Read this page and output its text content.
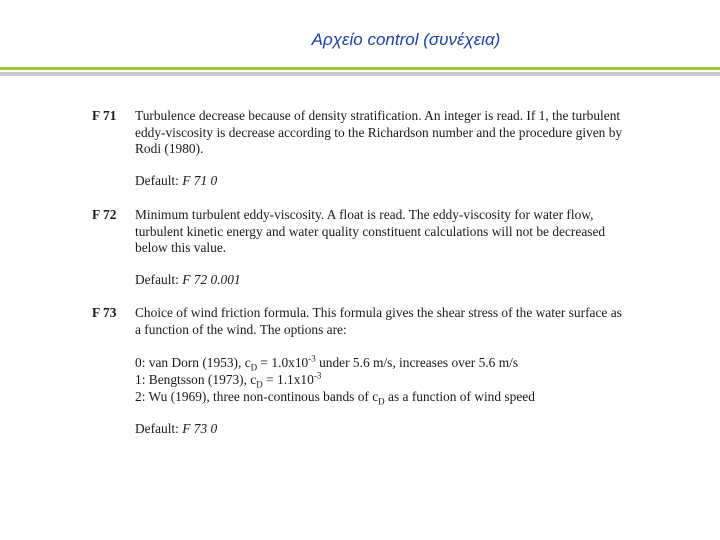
Αρχείο control (συνέχεια)
F 71 Turbulence decrease because of density stratification. An integer is read. If 1, the turbulent eddy-viscosity is decrease according to the Richardson number and the procedure given by Rodi (1980).
Default: F 71 0
F 72 Minimum turbulent eddy-viscosity. A float is read. The eddy-viscosity for water flow, turbulent kinetic energy and water quality constituent calculations will not be decreased below this value.
Default: F 72 0.001
F 73 Choice of wind friction formula. This formula gives the shear stress of the water surface as a function of the wind. The options are:
0: van Dorn (1953), $c_D = 1.0x10^{-3}$ under 5.6 m/s, increases over 5.6 m/s
1: Bengtsson (1973), $c_D = 1.1x10^{-3}$
2: Wu (1969), three non-continous bands of $c_D$ as a function of wind speed
Default: F 73 0
